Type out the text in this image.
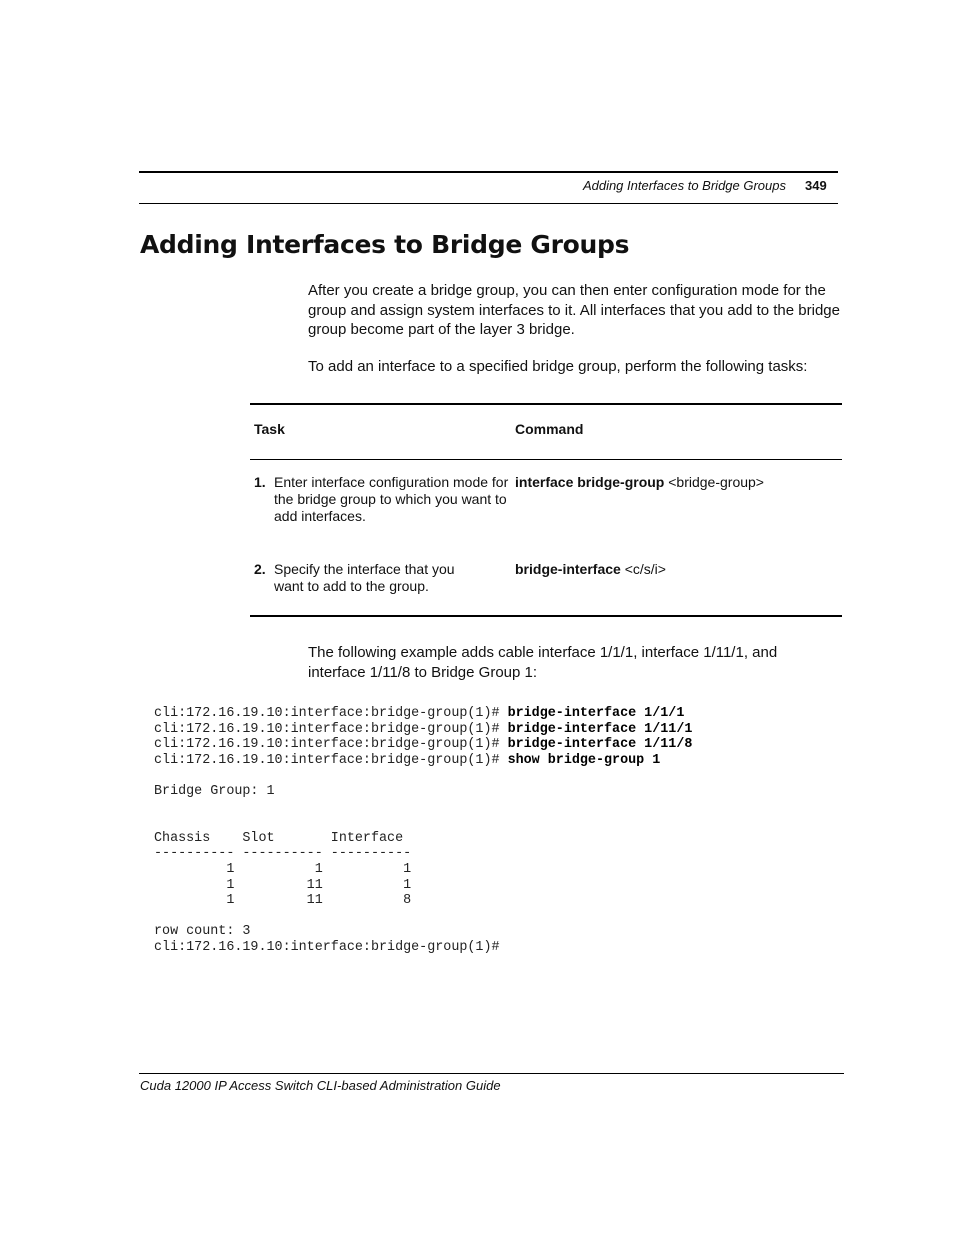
Adding Interfaces to Bridge Groups 349
Adding Interfaces to Bridge Groups

After you create a bridge group, you can then enter configuration mode for the group and assign system interfaces to it. All interfaces that you add to the bridge group become part of the layer 3 bridge.

To add an interface to a specified bridge group, perform the following tasks:

Task	Command
1. Enter interface configuration mode for the bridge group to which you want to add interfaces.
interface bridge-group <bridge-group>
2. Specify the interface that you want to add to the group.
bridge-interface <c/s/i>

The following example adds cable interface 1/1/1, interface 1/11/1, and interface 1/11/8 to Bridge Group 1:

cli:172.16.19.10:interface:bridge-group(1)# bridge-interface 1/1/1
cli:172.16.19.10:interface:bridge-group(1)# bridge-interface 1/11/1
cli:172.16.19.10:interface:bridge-group(1)# bridge-interface 1/11/8
cli:172.16.19.10:interface:bridge-group(1)# show bridge-group 1

Bridge Group: 1

Chassis    Slot       Interface
---------- ---------- ----------
1          1          1
1         11          1
1         11          8

row count: 3
cli:172.16.19.10:interface:bridge-group(1)#
Cuda 12000 IP Access Switch CLI-based Administration Guide
